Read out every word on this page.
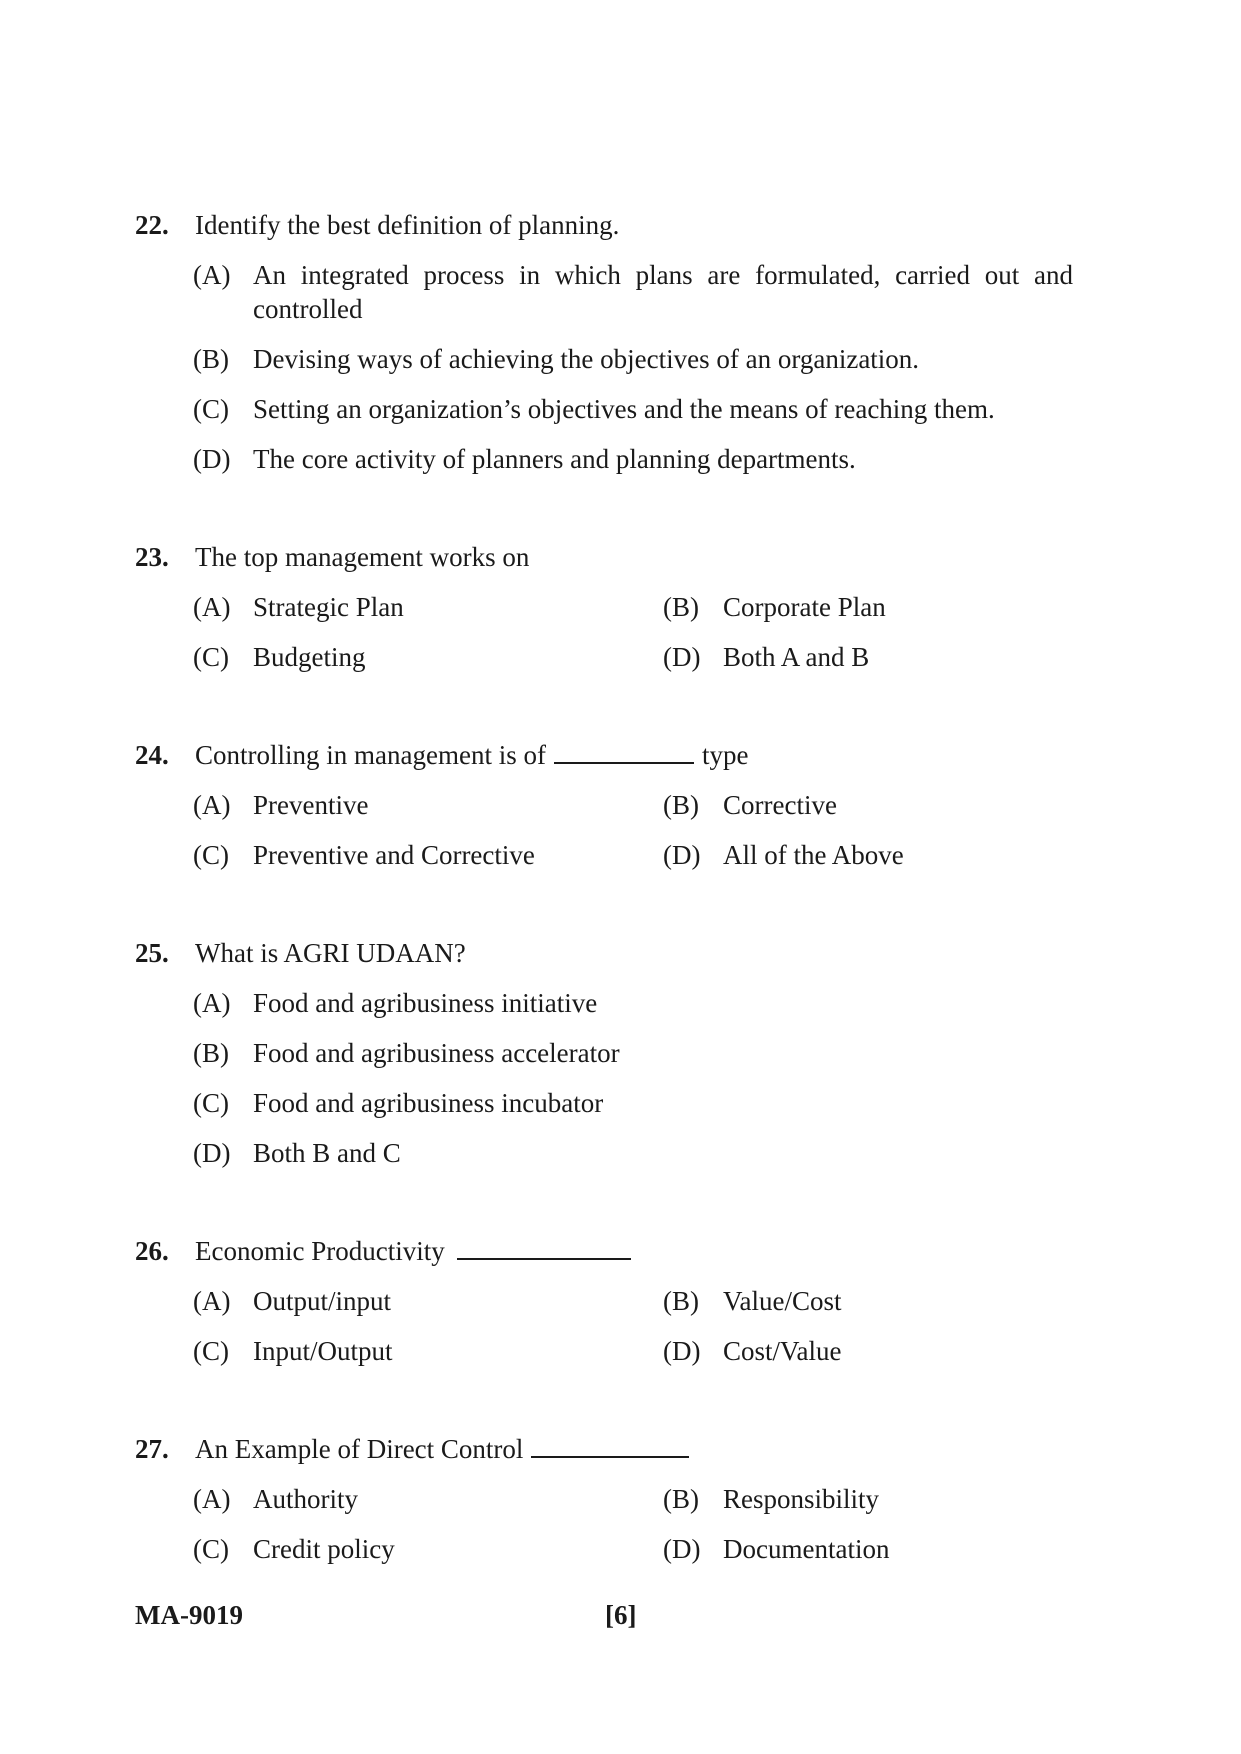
22. Identify the best definition of planning.
(A) An integrated process in which plans are formulated, carried out and controlled
(B) Devising ways of achieving the objectives of an organization.
(C) Setting an organization’s objectives and the means of reaching them.
(D) The core activity of planners and planning departments.
23. The top management works on
(A) Strategic Plan	(B) Corporate Plan
(C) Budgeting	(D) Both A and B
24. Controlling in management is of	type
(A) Preventive	(B) Corrective
(C) Preventive and Corrective	(D) All of the Above
25. What is AGRI UDAAN?
(A) Food and agribusiness initiative
(B) Food and agribusiness accelerator
(C) Food and agribusiness incubator
(D) Both B and C
26. Economic Productivity
(A) Output/input	(B) Value/Cost
(C) Input/Output	(D) Cost/Value
27. An Example of Direct Control
(A) Authority	(B) Responsibility
(C) Credit policy	(D) Documentation
MA-9019	[6]
